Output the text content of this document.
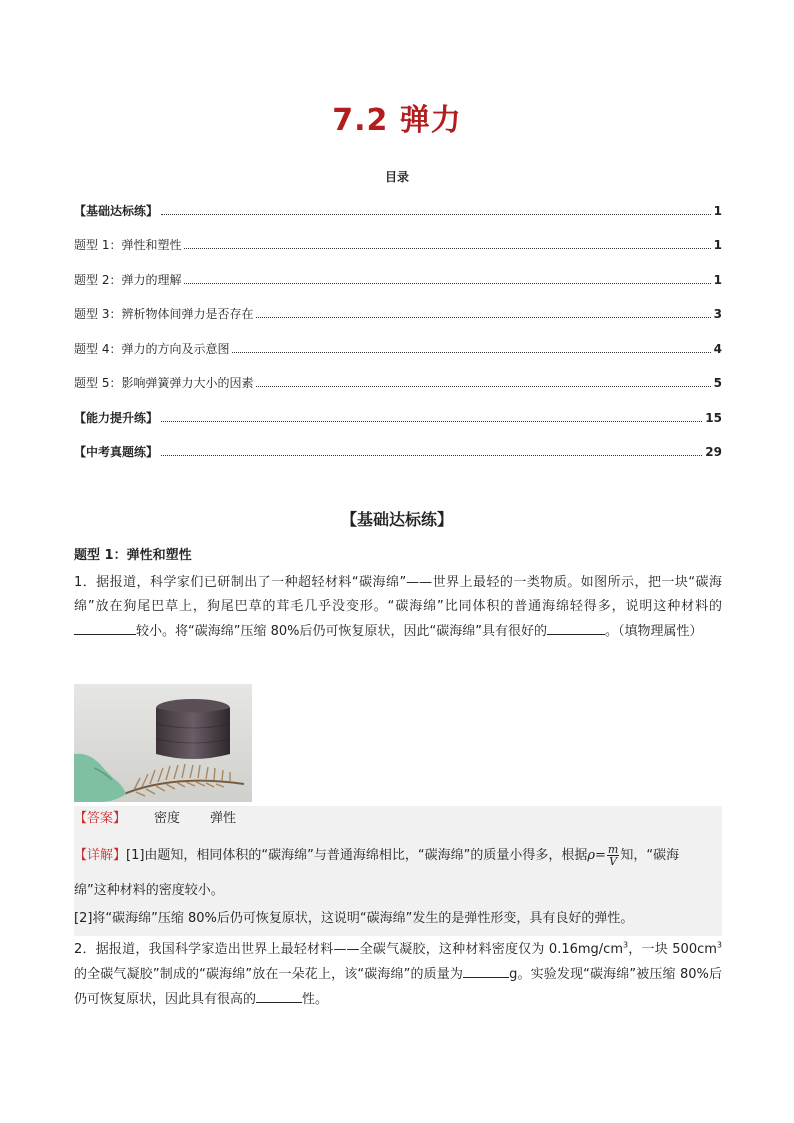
7.2 弹力
目录
【基础达标练】	1
题型 1：弹性和塑性	1
题型 2：弹力的理解	1
题型 3：辨析物体间弹力是否存在	3
题型 4：弹力的方向及示意图	4
题型 5：影响弹簧弹力大小的因素	5
【能力提升练】	15
【中考真题练】	29
【基础达标练】
题型 1：弹性和塑性
1．据报道，科学家们已研制出了一种超轻材料“碳海绵”——世界上最轻的一类物质。如图所示，把一块“碳海绵”放在狗尾巴草上，狗尾巴草的茸毛几乎没变形。“碳海绵”比同体积的普通海绵轻得多，说明这种材料的较小。将“碳海绵”压缩 80%后仍可恢复原状，因此“碳海绵”具有很好的	。（填物理属性）
【答案】 密度 弹性
【详解】[1]由题知，相同体积的“碳海绵”与普通海绵相比，“碳海绵”的质量小得多，根据$\rho= \frac{m}{V}$ 知，“碳海
绵”这种材料的密度较小。
[2]将“碳海绵”压缩 80%后仍可恢复原状，这说明“碳海绵”发生的是弹性形变，具有良好的弹性。
2．据报道，我国科学家造出世界上最轻材料——全碳气凝胶，这种材料密度仅为 $0.16mg/cm^3$，一块 $500cm^3$的全碳气凝胶”制成的“碳海绵”放在一朵花上，该“碳海绵”的质量为	g。实验发现“碳海绵”被压缩 80%后仍可恢复原状，因此具有很高的	性。
